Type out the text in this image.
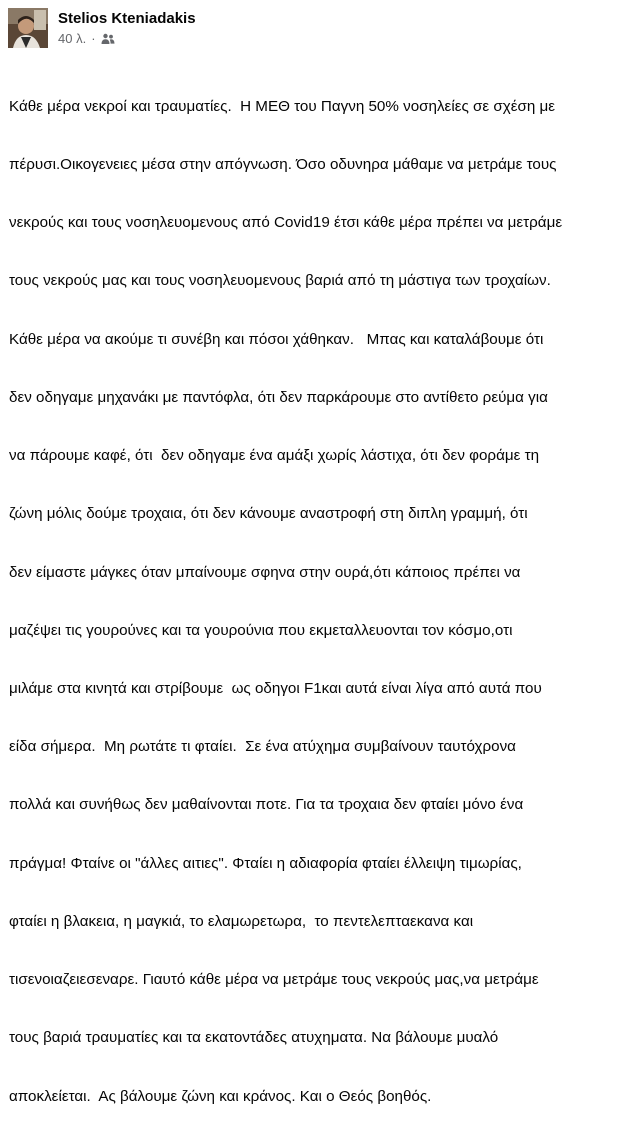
Stelios Kteniadakis
40 λ. ·

Κάθε μέρα νεκροί και τραυματίες.  Η ΜΕΘ του Παγνη 50% νοσηλείες σε σχέση με

πέρυσι.Οικογενειες μέσα στην απόγνωση. Όσο οδυνηρα μάθαμε να μετράμε τους

νεκρούς και τους νοσηλευομενους από Covid19 έτσι κάθε μέρα πρέπει να μετράμε

τους νεκρούς μας και τους νοσηλευομενους βαριά από τη μάστιγα των τροχαίων.

Κάθε μέρα να ακούμε τι συνέβη και πόσοι χάθηκαν.   Μπας και καταλάβουμε ότι

δεν οδηγαμε μηχανάκι με παντόφλα, ότι δεν παρκάρουμε στο αντίθετο ρεύμα για

να πάρουμε καφέ, ότι  δεν οδηγαμε ένα αμάξι χωρίς λάστιχα, ότι δεν φοράμε τη

ζώνη μόλις δούμε τροχαια, ότι δεν κάνουμε αναστροφή στη διπλη γραμμή, ότι

δεν είμαστε μάγκες όταν μπαίνουμε σφηνα στην ουρά,ότι κάποιος πρέπει να

μαζέψει τις γουρούνες και τα γουρούνια που εκμεταλλευονται τον κόσμο,οτι

μιλάμε στα κινητά και στρίβουμε  ως οδηγοι F1και αυτά είναι λίγα από αυτά που

είδα σήμερα.  Μη ρωτάτε τι φταίει.  Σε ένα ατύχημα συμβαίνουν ταυτόχρονα

πολλά και συνήθως δεν μαθαίνονται ποτε. Για τα τροχαια δεν φταίει μόνο ένα

πράγμα! Φταίνε οι "άλλες αιτιες". Φταίει η αδιαφορία φταίει έλλειψη τιμωρίας,

φταίει η βλακεια, η μαγκιά, το ελαμωρετωρα,  το πεντελεπταεκανα και

τισενοιαζειεσεναρε. Γιαυτό κάθε μέρα να μετράμε τους νεκρούς μας,να μετράμε

τους βαριά τραυματίες και τα εκατοντάδες ατυχηματα. Να βάλουμε μυαλό

αποκλείεται.  Ας βάλουμε ζώνη και κράνος. Και ο Θεός βοηθός.
